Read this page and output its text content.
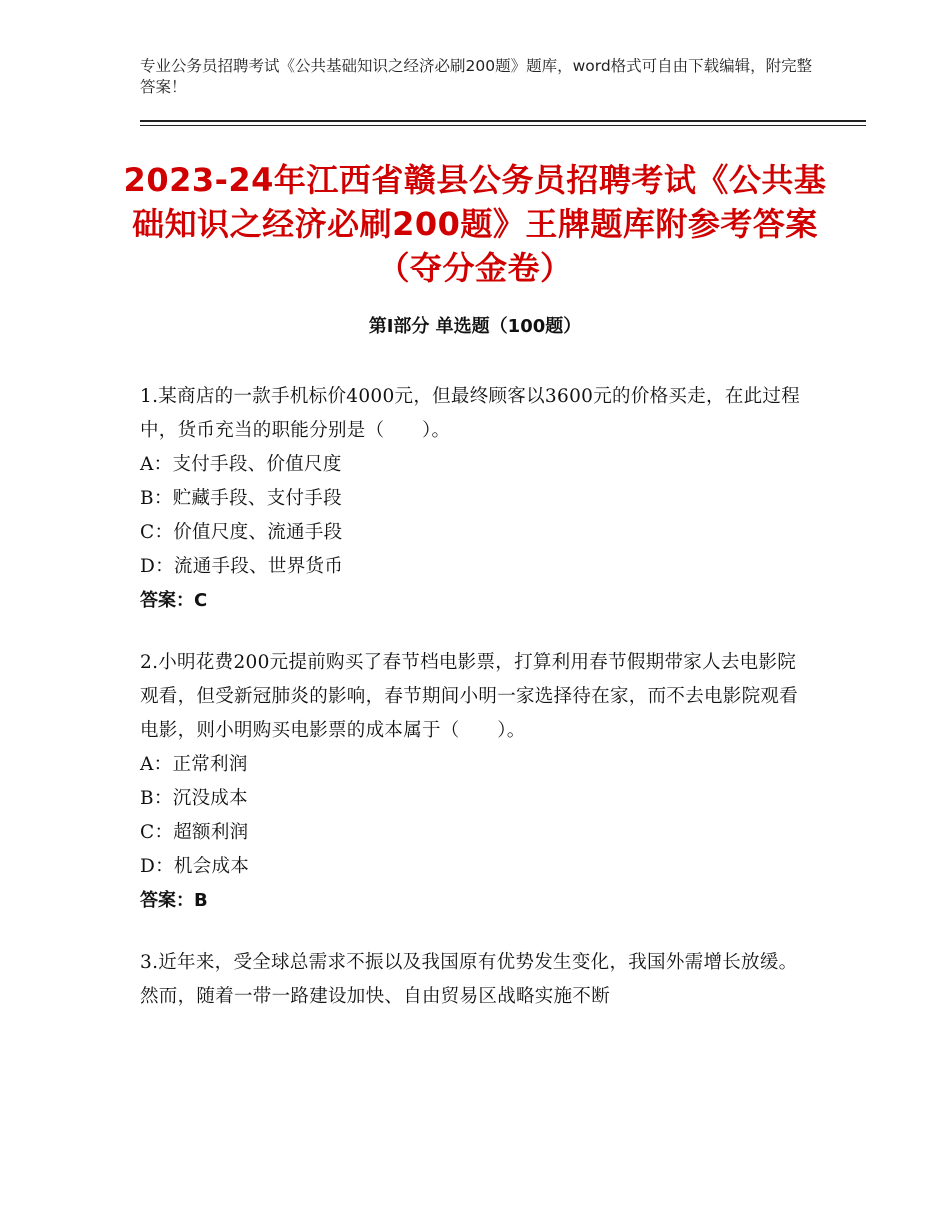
专业公务员招聘考试《公共基础知识之经济必刷200题》题库，word格式可自由下载编辑，附完整答案！
2023-24年江西省赣县公务员招聘考试《公共基础知识之经济必刷200题》王牌题库附参考答案（夺分金卷）
第I部分 单选题（100题）

1.某商店的一款手机标价4000元，但最终顾客以3600元的价格买走，在此过程中，货币充当的职能分别是（　　）。

A：支付手段、价值尺度

B：贮藏手段、支付手段

C：价值尺度、流通手段

D：流通手段、世界货币

答案：C

2.小明花费200元提前购买了春节档电影票，打算利用春节假期带家人去电影院观看，但受新冠肺炎的影响，春节期间小明一家选择待在家，而不去电影院观看电影，则小明购买电影票的成本属于（　　）。

A：正常利润

B：沉没成本

C：超额利润

D：机会成本

答案：B

3.近年来，受全球总需求不振以及我国原有优势发生变化，我国外需增长放缓。然而，随着一带一路建设加快、自由贸易区战略实施不断
